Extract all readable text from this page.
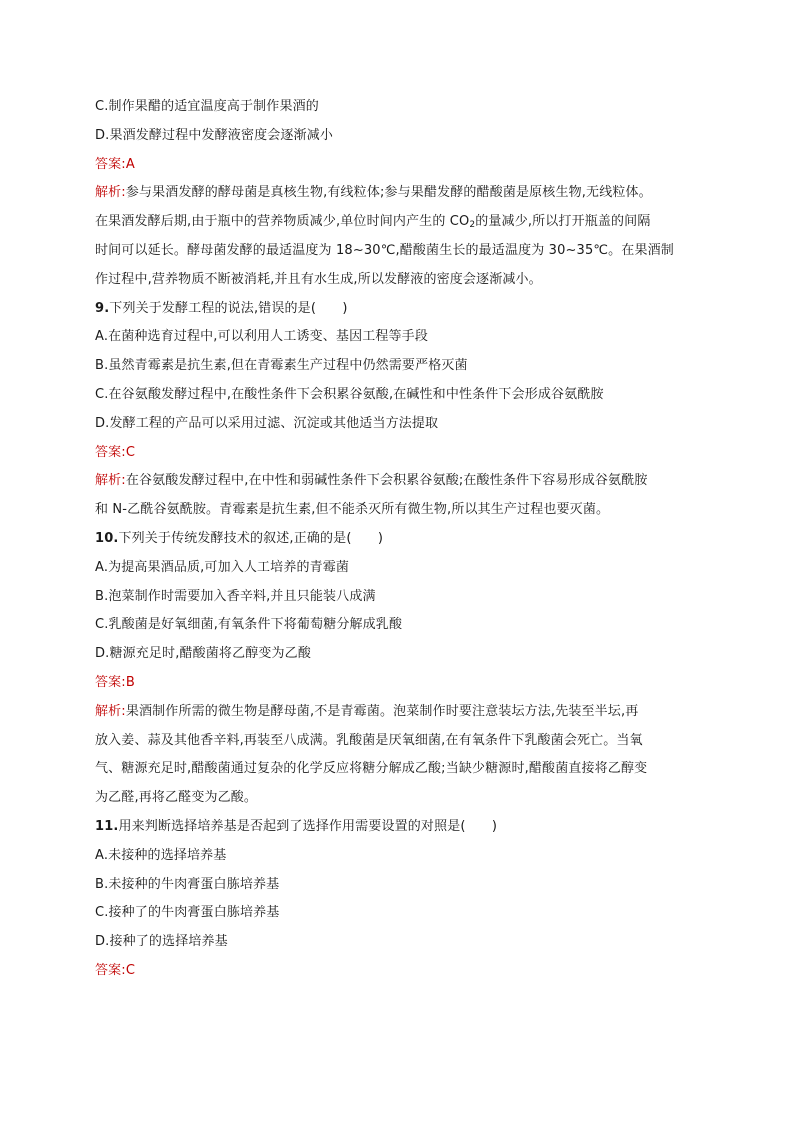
C.制作果醋的适宜温度高于制作果酒的
D.果酒发酵过程中发酵液密度会逐渐减小
答案:A
解析:参与果酒发酵的酵母菌是真核生物,有线粒体;参与果醋发酵的醋酸菌是原核生物,无线粒体。
在果酒发酵后期,由于瓶中的营养物质减少,单位时间内产生的 $CO_2$的量减少,所以打开瓶盖的间隔
时间可以延长。酵母菌发酵的最适温度为 18~30℃,醋酸菌生长的最适温度为 30~35℃。在果酒制
作过程中,营养物质不断被消耗,并且有水生成,所以发酵液的密度会逐渐减小。
9.下列关于发酵工程的说法,错误的是(　　)
A.在菌种选育过程中,可以利用人工诱变、基因工程等手段
B.虽然青霉素是抗生素,但在青霉素生产过程中仍然需要严格灭菌
C.在谷氨酸发酵过程中,在酸性条件下会积累谷氨酸,在碱性和中性条件下会形成谷氨酰胺
D.发酵工程的产品可以采用过滤、沉淀或其他适当方法提取
答案:C
解析:在谷氨酸发酵过程中,在中性和弱碱性条件下会积累谷氨酸;在酸性条件下容易形成谷氨酰胺
和 N-乙酰谷氨酰胺。青霉素是抗生素,但不能杀灭所有微生物,所以其生产过程也要灭菌。
10.下列关于传统发酵技术的叙述,正确的是(　　)
A.为提高果酒品质,可加入人工培养的青霉菌
B.泡菜制作时需要加入香辛料,并且只能装八成满
C.乳酸菌是好氧细菌,有氧条件下将葡萄糖分解成乳酸
D.糖源充足时,醋酸菌将乙醇变为乙酸
答案:B
解析:果酒制作所需的微生物是酵母菌,不是青霉菌。泡菜制作时要注意装坛方法,先装至半坛,再
放入姜、蒜及其他香辛料,再装至八成满。乳酸菌是厌氧细菌,在有氧条件下乳酸菌会死亡。当氧
气、糖源充足时,醋酸菌通过复杂的化学反应将糖分解成乙酸;当缺少糖源时,醋酸菌直接将乙醇变
为乙醛,再将乙醛变为乙酸。
11.用来判断选择培养基是否起到了选择作用需要设置的对照是(　　)
A.未接种的选择培养基
B.未接种的牛肉膏蛋白胨培养基
C.接种了的牛肉膏蛋白胨培养基
D.接种了的选择培养基
答案:C
